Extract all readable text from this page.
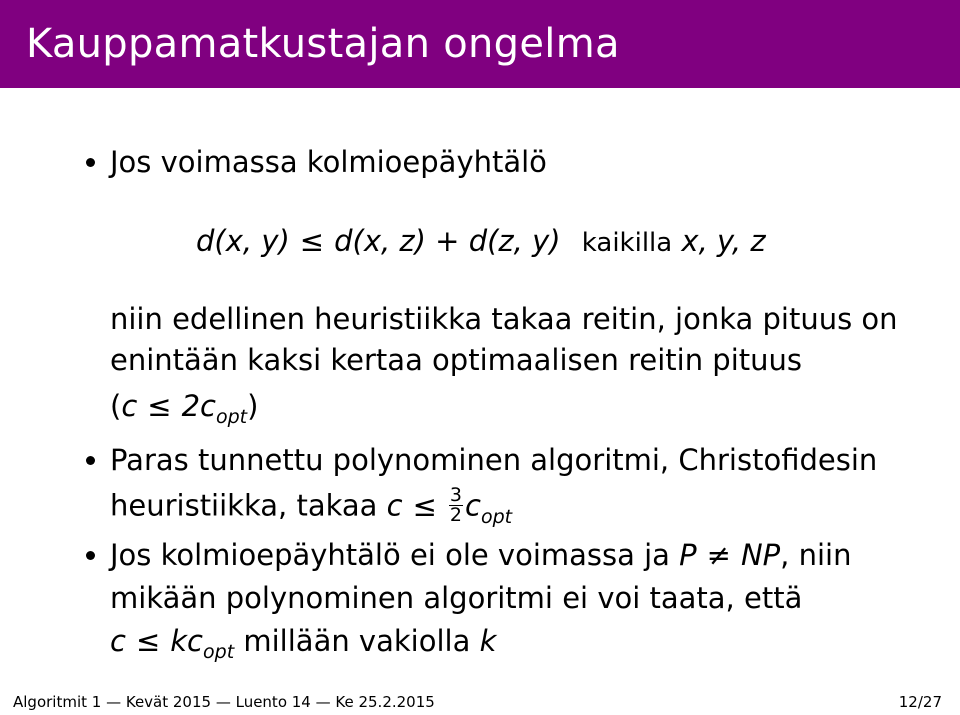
Kauppamatkustajan ongelma
Jos voimassa kolmioepäyhtälö
d(x, y) ≤ d(x, z) + d(z, y) kaikilla x, y, z
niin edellinen heuristiikka takaa reitin, jonka pituus on
enintään kaksi kertaa optimaalisen reitin pituus
$(c \le 2c_{opt})$
Paras tunnettu polynominen algoritmi, Christofidesin
heuristiikka, takaa $c \le \frac{3}{2} c_{opt}$
Jos kolmioepäyhtälö ei ole voimassa ja P ≠ NP, niin
mikään polynominen algoritmi ei voi taata, että
$c \le kc_{opt}$ millään vakiolla k
Algoritmit 1 — Kevät 2015 — Luento 14 — Ke 25.2.2015	12/27
